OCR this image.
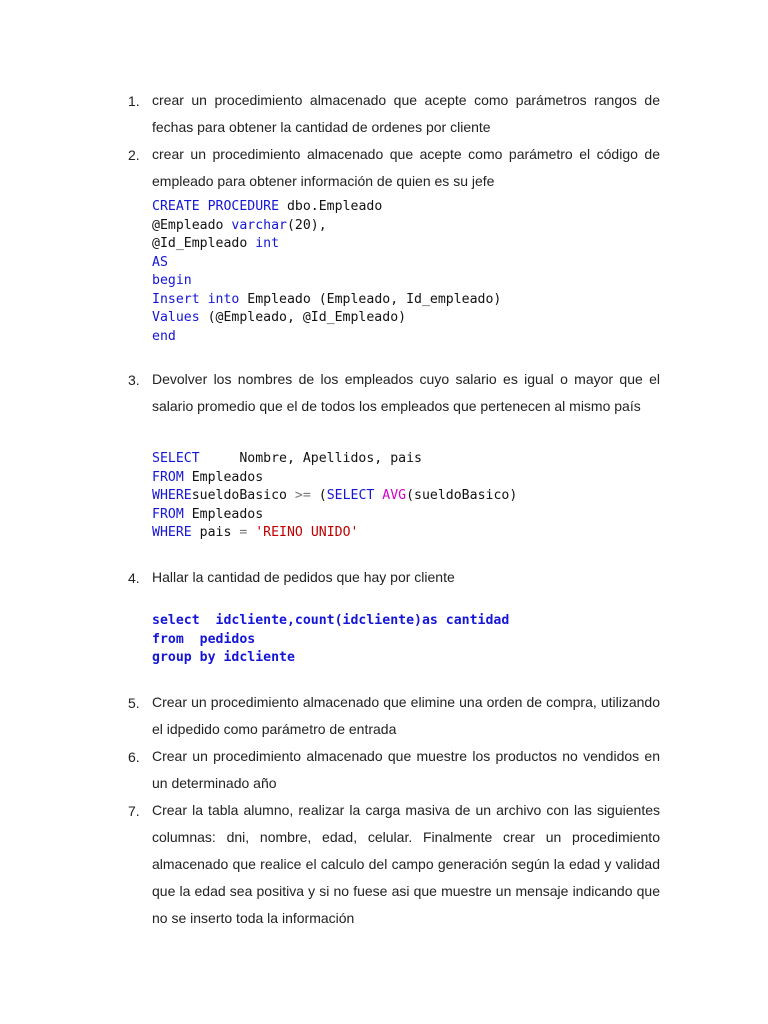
1. crear un procedimiento almacenado que acepte como parámetros rangos de fechas para obtener la cantidad de ordenes por cliente
2. crear un procedimiento almacenado que acepte como parámetro el código de empleado para obtener información de quien es su jefe
CREATE PROCEDURE dbo.Empleado
@Empleado varchar(20),
@Id_Empleado int
AS
begin
Insert into Empleado (Empleado, Id_empleado)
Values (@Empleado, @Id_Empleado)
end
3. Devolver los nombres de los empleados cuyo salario es igual o mayor que el salario promedio que el de todos los empleados que pertenecen al mismo país
SELECT     Nombre, Apellidos, pais
FROM Empleados
WHEREsueldoBasico >= (SELECT AVG(sueldoBasico)
FROM Empleados
WHERE pais = 'REINO UNIDO'
4. Hallar la cantidad de pedidos que hay por cliente
select  idcliente,count(idcliente)as cantidad
from  pedidos
group by idcliente
5. Crear un procedimiento almacenado que elimine una orden de compra, utilizando el idpedido como parámetro de entrada
6. Crear un procedimiento almacenado que muestre los productos no vendidos en un determinado año
7. Crear la tabla alumno, realizar la carga masiva de un archivo con las siguientes columnas: dni, nombre, edad, celular. Finalmente crear un procedimiento almacenado que realice el calculo del campo generación según la edad y validad que la edad sea positiva y si no fuese asi que muestre un mensaje indicando que no se inserto toda la información
